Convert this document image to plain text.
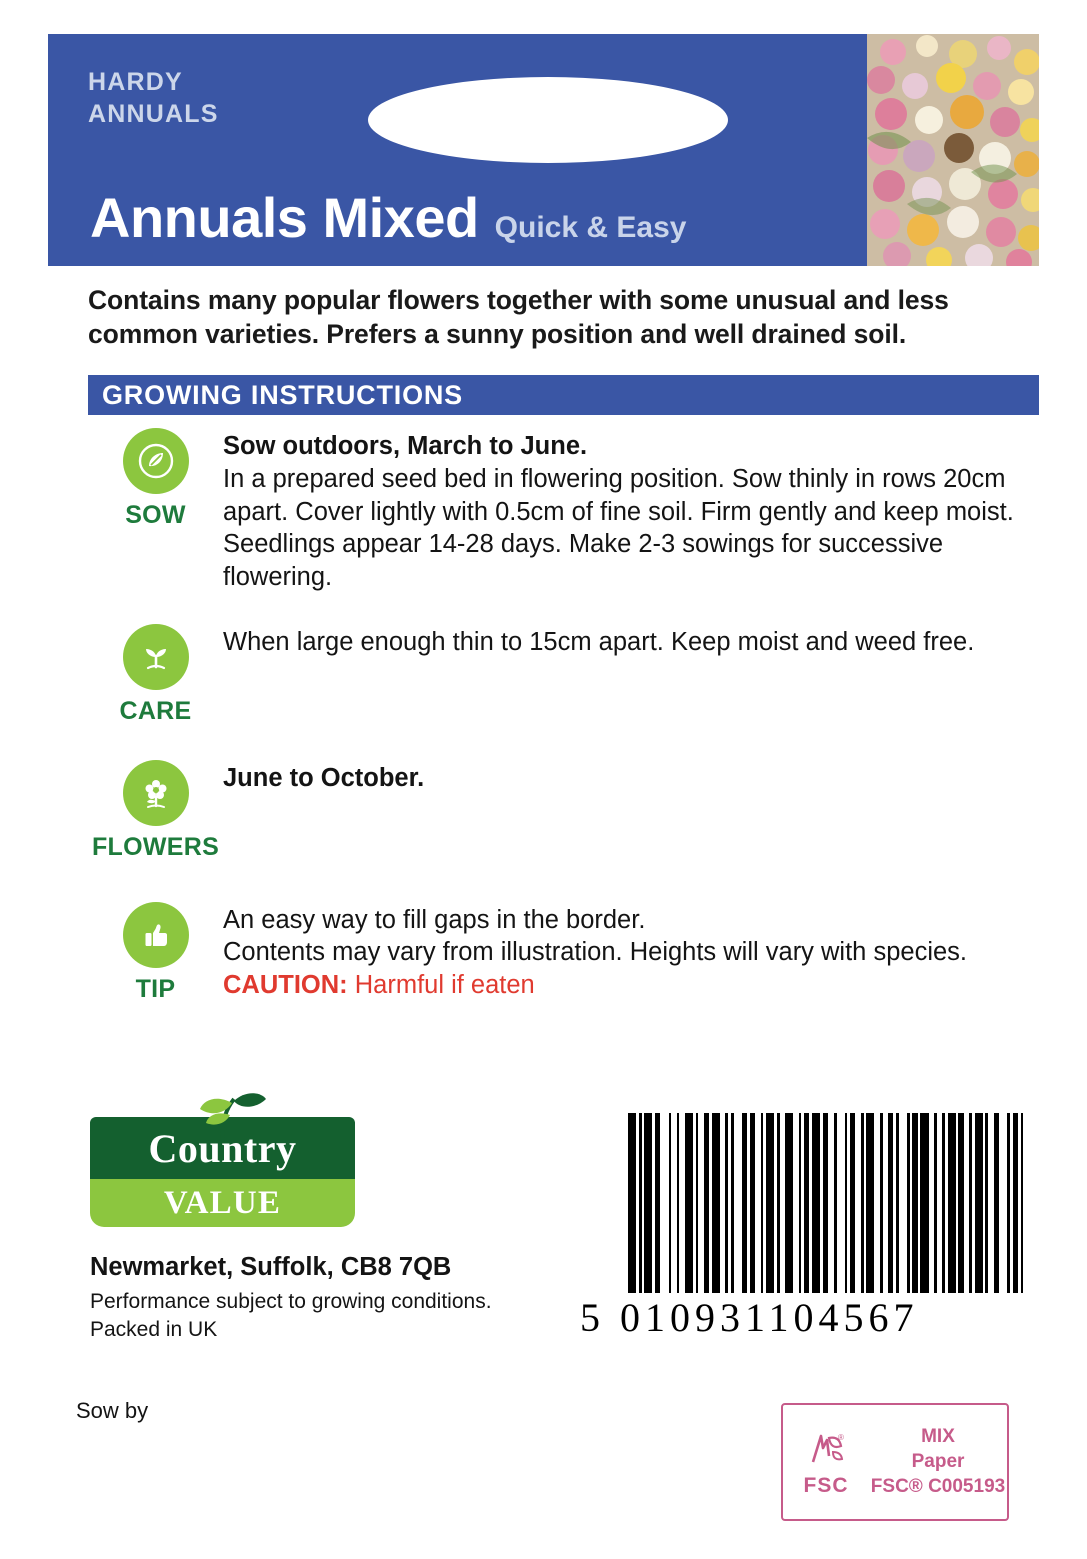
HARDY
ANNUALS
Annuals Mixed Quick & Easy
Contains many popular flowers together with some unusual and less common varieties. Prefers a sunny position and well drained soil.
GROWING INSTRUCTIONS
SOW
Sow outdoors, March to June.
In a prepared seed bed in flowering position. Sow thinly in rows 20cm apart. Cover lightly with 0.5cm of fine soil. Firm gently and keep moist. Seedlings appear 14-28 days. Make 2-3 sowings for successive flowering.
CARE
When large enough thin to 15cm apart. Keep moist and weed free.
FLOWERS
June to October.
TIP
An easy way to fill gaps in the border.
Contents may vary from illustration. Heights will vary with species.
CAUTION: Harmful if eaten
Country
VALUE
Newmarket, Suffolk, CB8 7QB
Performance subject to growing conditions.
Packed in UK
Sow by
5 010931104567
®
FSC
MIX
Paper
FSC® C005193
